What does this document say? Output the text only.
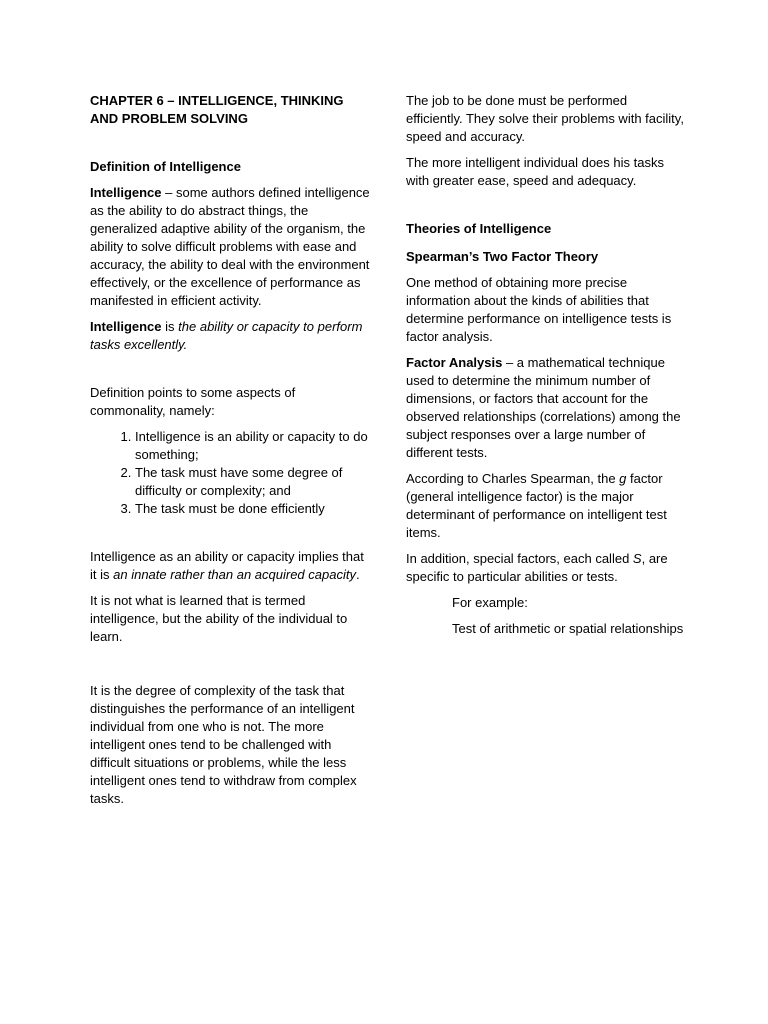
CHAPTER 6 – INTELLIGENCE, THINKING AND PROBLEM SOLVING

Definition of Intelligence

Intelligence – some authors defined intelligence as the ability to do abstract things, the generalized adaptive ability of the organism, the ability to solve difficult problems with ease and accuracy, the ability to deal with the environment effectively, or the excellence of performance as manifested in efficient activity.

Intelligence is the ability or capacity to perform tasks excellently.

Definition points to some aspects of commonality, namely:

1. Intelligence is an ability or capacity to do something;
2. The task must have some degree of difficulty or complexity; and
3. The task must be done efficiently

Intelligence as an ability or capacity implies that it is an innate rather than an acquired capacity.

It is not what is learned that is termed intelligence, but the ability of the individual to learn.

It is the degree of complexity of the task that distinguishes the performance of an intelligent individual from one who is not. The more intelligent ones tend to be challenged with difficult situations or problems, while the less intelligent ones tend to withdraw from complex tasks.

The job to be done must be performed efficiently. They solve their problems with facility, speed and accuracy.

The more intelligent individual does his tasks with greater ease, speed and adequacy.

Theories of Intelligence

Spearman’s Two Factor Theory

One method of obtaining more precise information about the kinds of abilities that determine performance on intelligence tests is factor analysis.

Factor Analysis – a mathematical technique used to determine the minimum number of dimensions, or factors that account for the observed relationships (correlations) among the subject responses over a large number of different tests.

According to Charles Spearman, the g factor (general intelligence factor) is the major determinant of performance on intelligent test items.

In addition, special factors, each called S, are specific to particular abilities or tests.

For example:

Test of arithmetic or spatial relationships
